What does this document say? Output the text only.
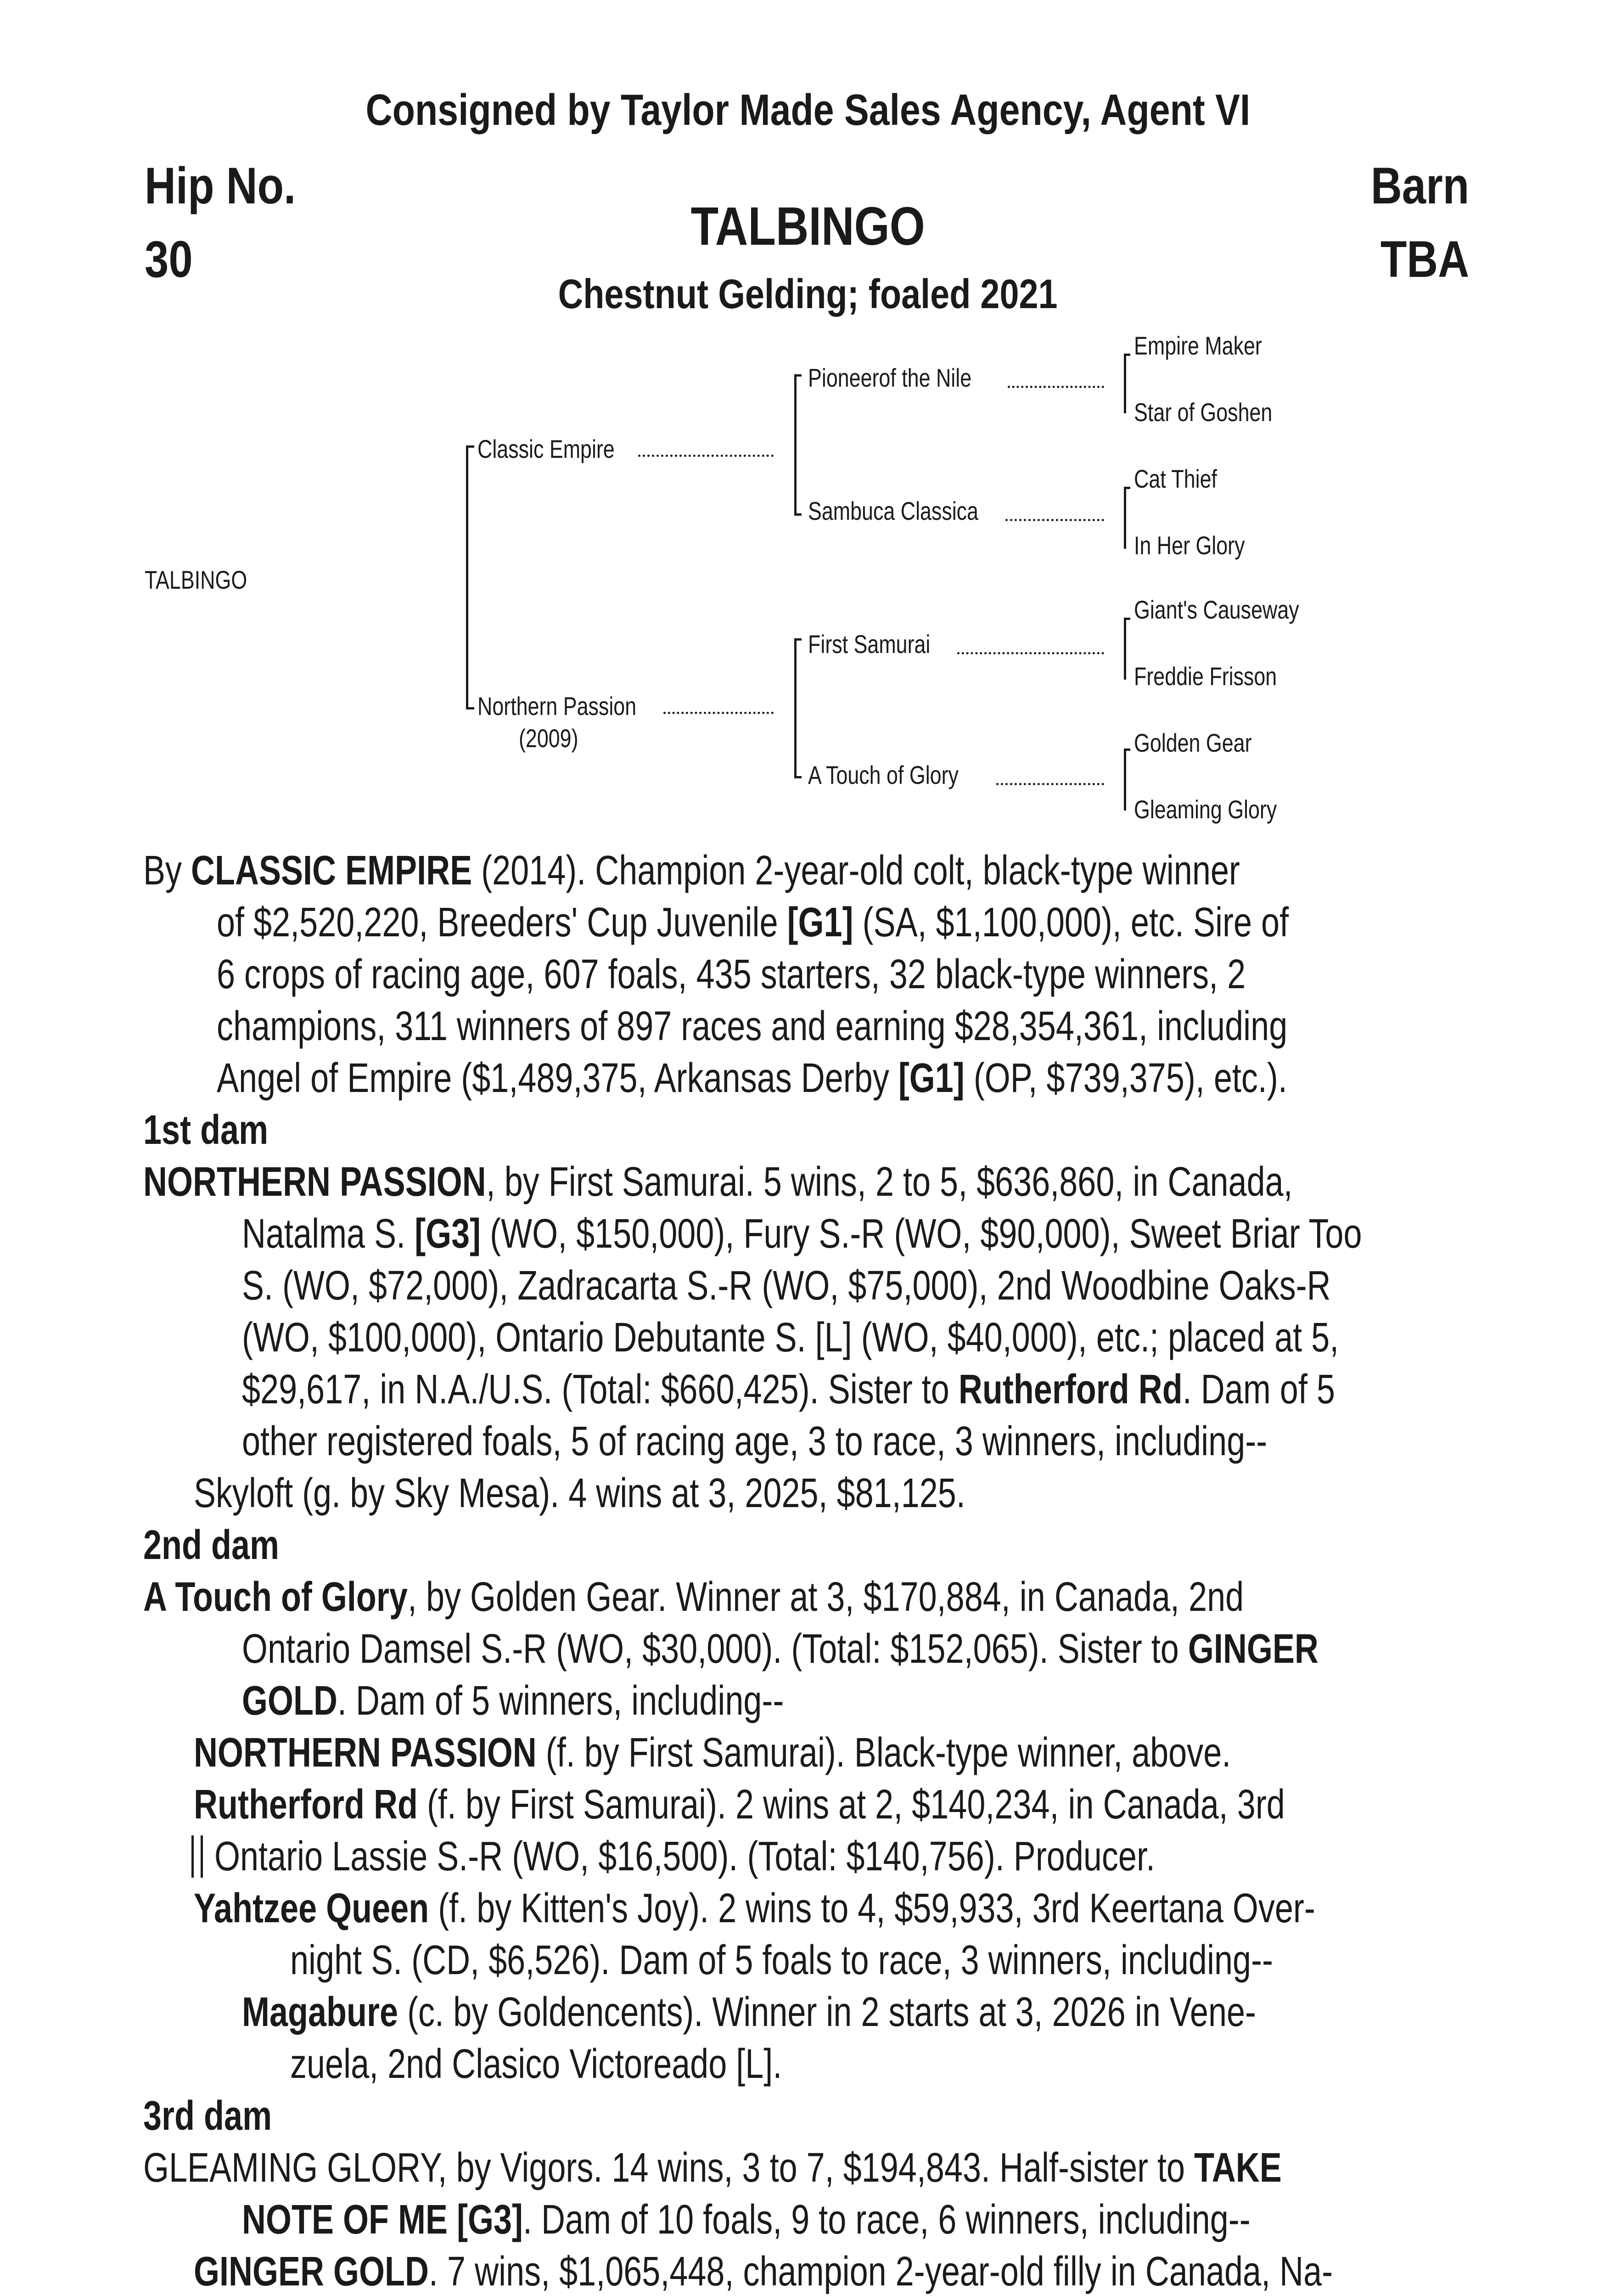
Consigned by Taylor Made Sales Agency, Agent VI
Hip No.
30
Barn
TBA
TALBINGO
Chestnut Gelding; foaled 2021
TALBINGO
Classic Empire
Northern Passion
(2009)
Pioneerof the Nile
Sambuca Classica
First Samurai
A Touch of Glory
Empire Maker
Star of Goshen
Cat Thief
In Her Glory
Giant's Causeway
Freddie Frisson
Golden Gear
Gleaming Glory
By CLASSIC EMPIRE (2014). Champion 2-year-old colt, black-type winner
of $2,520,220, Breeders' Cup Juvenile [G1] (SA, $1,100,000), etc. Sire of
6 crops of racing age, 607 foals, 435 starters, 32 black-type winners, 2
champions, 311 winners of 897 races and earning $28,354,361, including
Angel of Empire ($1,489,375, Arkansas Derby [G1] (OP, $739,375), etc.).
1st dam
NORTHERN PASSION, by First Samurai. 5 wins, 2 to 5, $636,860, in Canada,
Natalma S. [G3] (WO, $150,000), Fury S.-R (WO, $90,000), Sweet Briar Too
S. (WO, $72,000), Zadracarta S.-R (WO, $75,000), 2nd Woodbine Oaks-R
(WO, $100,000), Ontario Debutante S. [L] (WO, $40,000), etc.; placed at 5,
$29,617, in N.A./U.S. (Total: $660,425). Sister to Rutherford Rd. Dam of 5
other registered foals, 5 of racing age, 3 to race, 3 winners, including--
Skyloft (g. by Sky Mesa). 4 wins at 3, 2025, $81,125.
2nd dam
A Touch of Glory, by Golden Gear. Winner at 3, $170,884, in Canada, 2nd
Ontario Damsel S.-R (WO, $30,000). (Total: $152,065). Sister to GINGER
GOLD. Dam of 5 winners, including--
NORTHERN PASSION (f. by First Samurai). Black-type winner, above.
Rutherford Rd (f. by First Samurai). 2 wins at 2, $140,234, in Canada, 3rd
Ontario Lassie S.-R (WO, $16,500). (Total: $140,756). Producer.
Yahtzee Queen (f. by Kitten's Joy). 2 wins to 4, $59,933, 3rd Keertana Over-
night S. (CD, $6,526). Dam of 5 foals to race, 3 winners, including--
Magabure (c. by Goldencents). Winner in 2 starts at 3, 2026 in Vene-
zuela, 2nd Clasico Victoreado [L].
3rd dam
GLEAMING GLORY, by Vigors. 14 wins, 3 to 7, $194,843. Half-sister to TAKE
NOTE OF ME [G3]. Dam of 10 foals, 9 to race, 6 winners, including--
GINGER GOLD. 7 wins, $1,065,448, champion 2-year-old filly in Canada, Na-
